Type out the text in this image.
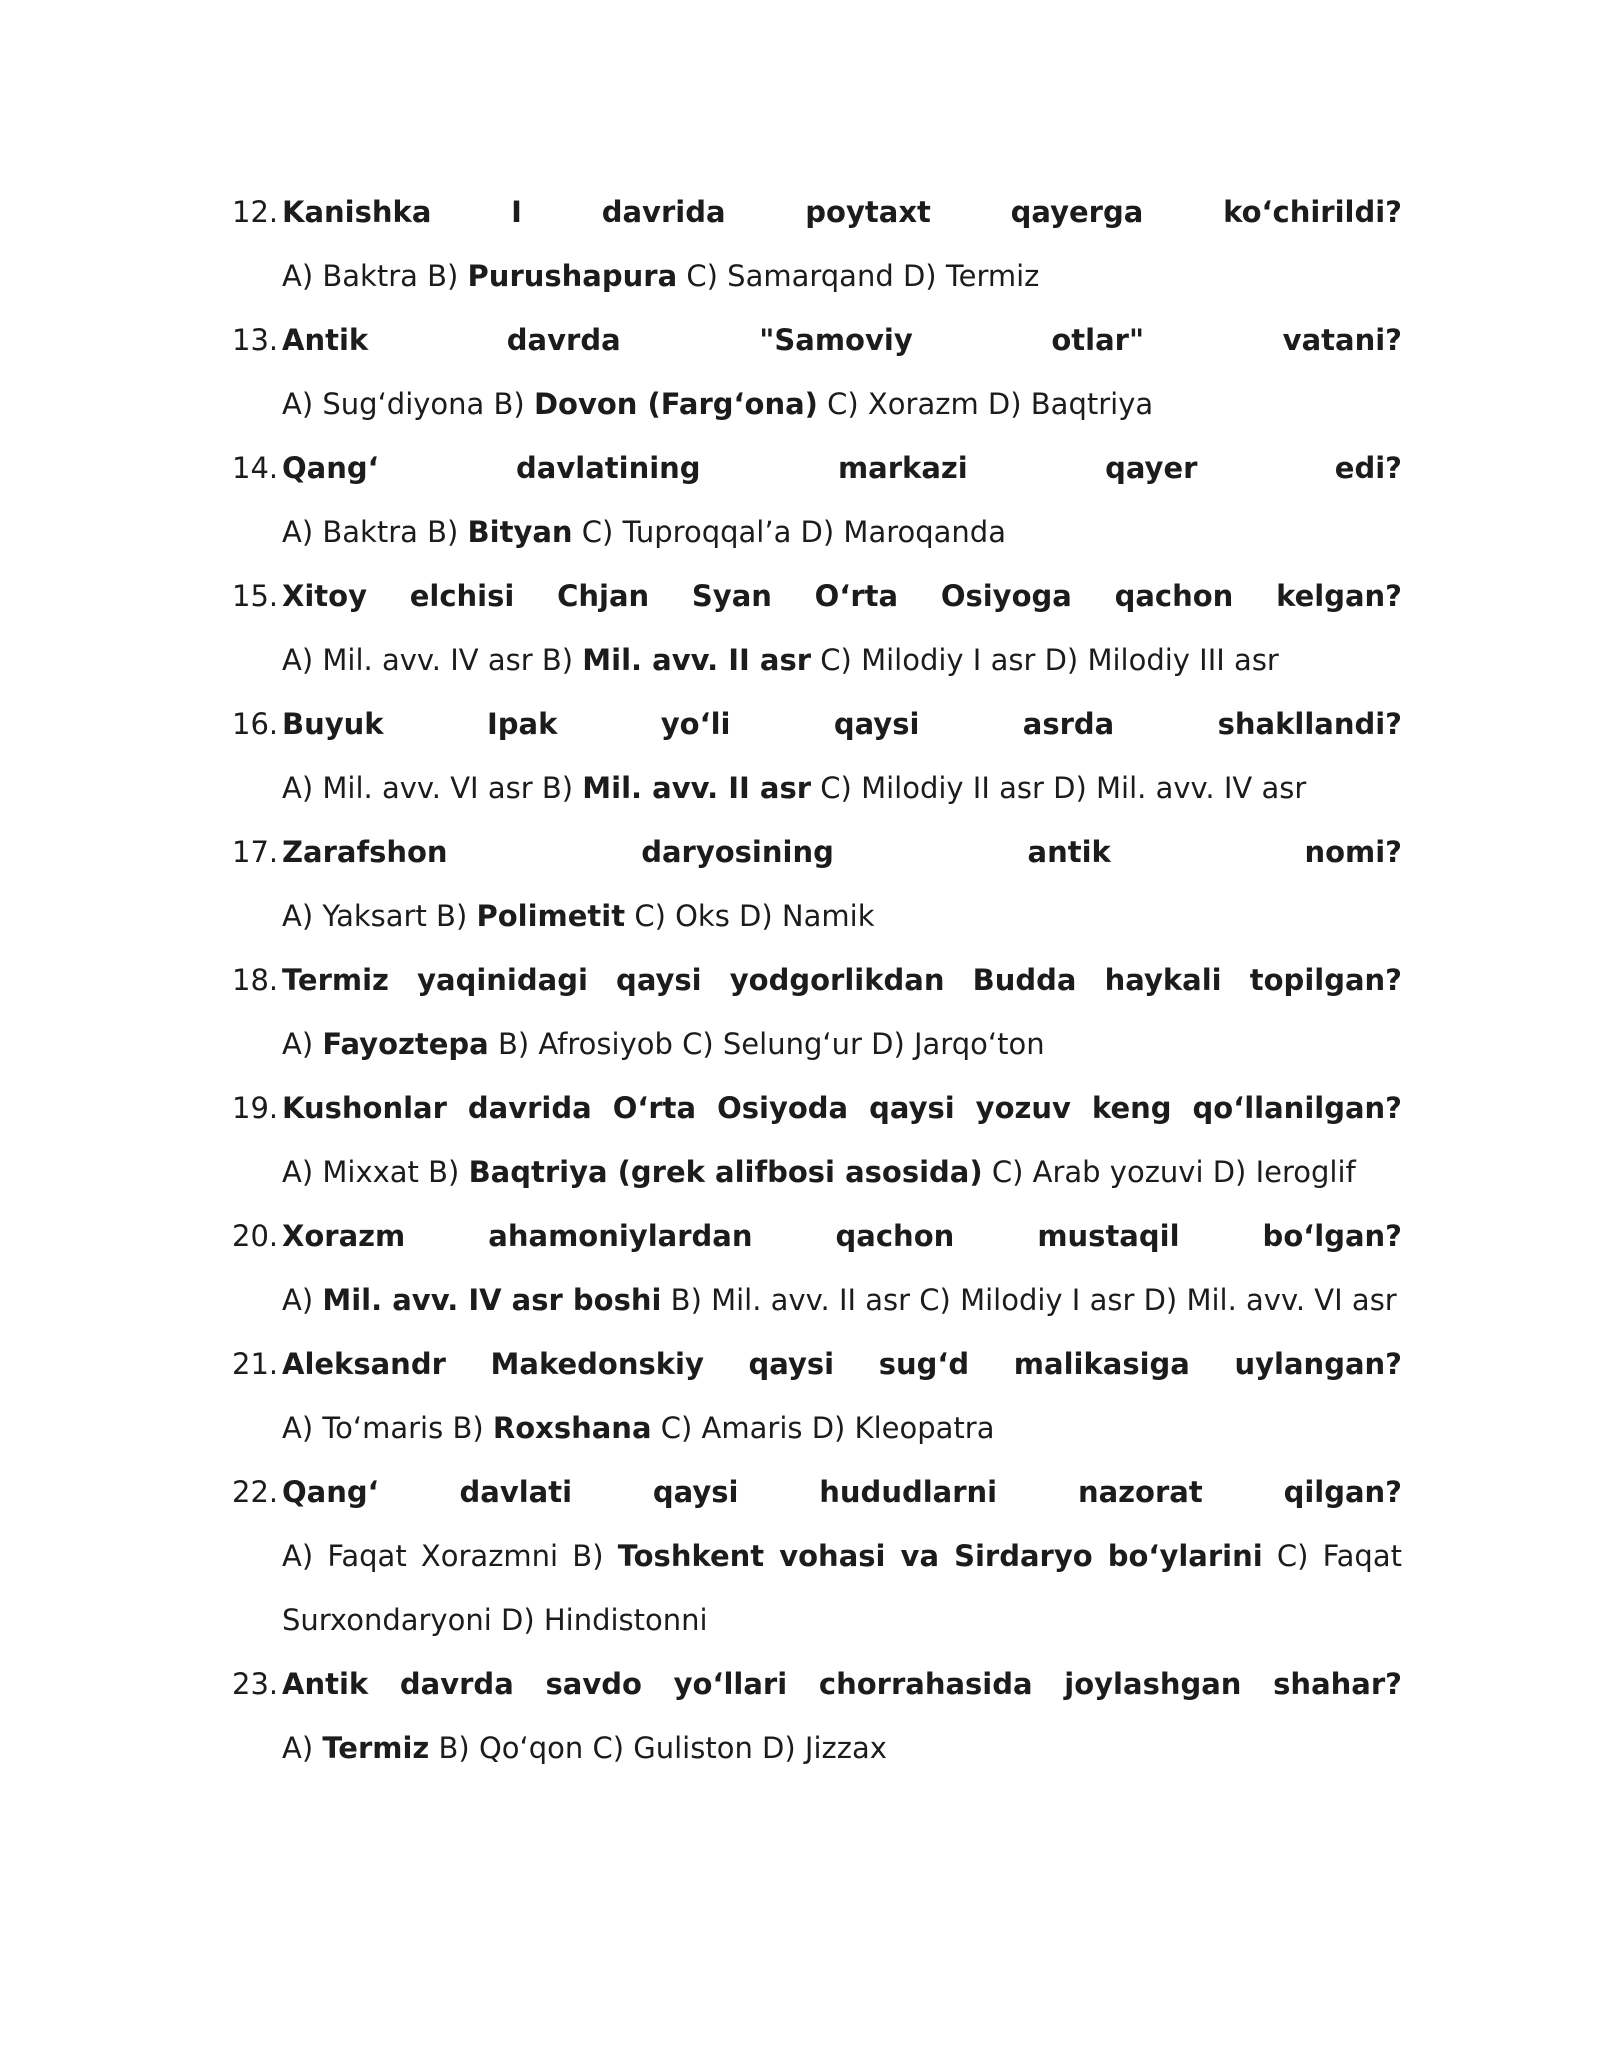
12. Kanishka I davrida poytaxt qayerga koʻchirildi?
A) Baktra B) Purushapura C) Samarqand D) Termiz
13. Antik davrda "Samoviy otlar" vatani?
A) Sugʻdiyona B) Dovon (Fargʻona) C) Xorazm D) Baqtriya
14. Qangʻ davlatining markazi qayer edi?
A) Baktra B) Bityan C) Tuproqqalʼa D) Maroqanda
15. Xitoy elchisi Chjan Syan Oʻrta Osiyoga qachon kelgan?
A) Mil. avv. IV asr B) Mil. avv. II asr C) Milodiy I asr D) Milodiy III asr
16. Buyuk Ipak yoʻli qaysi asrda shakllandi?
A) Mil. avv. VI asr B) Mil. avv. II asr C) Milodiy II asr D) Mil. avv. IV asr
17. Zarafshon daryosining antik nomi?
A) Yaksart B) Polimetit C) Oks D) Namik
18. Termiz yaqinidagi qaysi yodgorlikdan Budda haykali topilgan?
A) Fayoztepa B) Afrosiyob C) Selungʻur D) Jarqoʻton
19. Kushonlar davrida Oʻrta Osiyoda qaysi yozuv keng qoʻllanilgan?
A) Mixxat B) Baqtriya (grek alifbosi asosida) C) Arab yozuvi D) Ieroglif
20. Xorazm ahamoniylardan qachon mustaqil boʻlgan?
A) Mil. avv. IV asr boshi B) Mil. avv. II asr C) Milodiy I asr D) Mil. avv. VI asr
21. Aleksandr Makedonskiy qaysi sugʻd malikasiga uylangan?
A) Toʻmaris B) Roxshana C) Amaris D) Kleopatra
22. Qangʻ davlati qaysi hududlarni nazorat qilgan?
A) Faqat Xorazmni B) Toshkent vohasi va Sirdaryo boʻylarini C) Faqat Surxondaryoni D) Hindistonni
23. Antik davrda savdo yoʻllari chorrahasida joylashgan shahar?
A) Termiz B) Qoʻqon C) Guliston D) Jizzax
